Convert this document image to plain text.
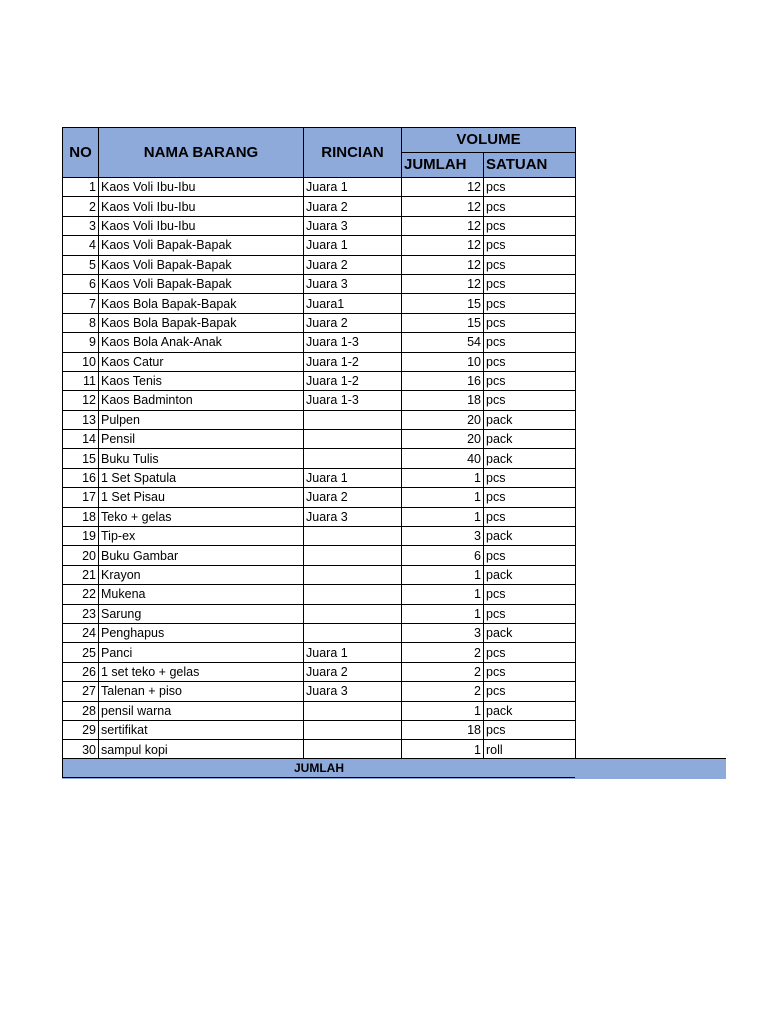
NO	NAMA BARANG	RINCIAN	VOLUME	
			JUMLAH	SATUAN
1	Kaos Voli Ibu-Ibu	Juara 1	12	pcs
2	Kaos Voli Ibu-Ibu	Juara 2	12	pcs
3	Kaos Voli Ibu-Ibu	Juara 3	12	pcs
4	Kaos Voli Bapak-Bapak	Juara 1	12	pcs
5	Kaos Voli Bapak-Bapak	Juara 2	12	pcs
6	Kaos Voli Bapak-Bapak	Juara 3	12	pcs
7	Kaos Bola Bapak-Bapak	Juara1	15	pcs
8	Kaos Bola Bapak-Bapak	Juara 2	15	pcs
9	Kaos Bola Anak-Anak	Juara 1-3	54	pcs
10	Kaos Catur	Juara 1-2	10	pcs
11	Kaos Tenis	Juara 1-2	16	pcs
12	Kaos Badminton	Juara 1-3	18	pcs
13	Pulpen		20	pack
14	Pensil		20	pack
15	Buku Tulis		40	pack
16	1 Set Spatula	Juara 1	1	pcs
17	1 Set Pisau	Juara 2	1	pcs
18	Teko + gelas	Juara 3	1	pcs
19	Tip-ex		3	pack
20	Buku Gambar		6	pcs
21	Krayon		1	pack
22	Mukena		1	pcs
23	Sarung		1	pcs
24	Penghapus		3	pack
25	Panci	Juara 1	2	pcs
26	1 set teko + gelas	Juara 2	2	pcs
27	Talenan + piso	Juara 3	2	pcs
28	pensil warna		1	pack
29	sertifikat		18	pcs
30	sampul kopi		1	roll
JUMLAH
